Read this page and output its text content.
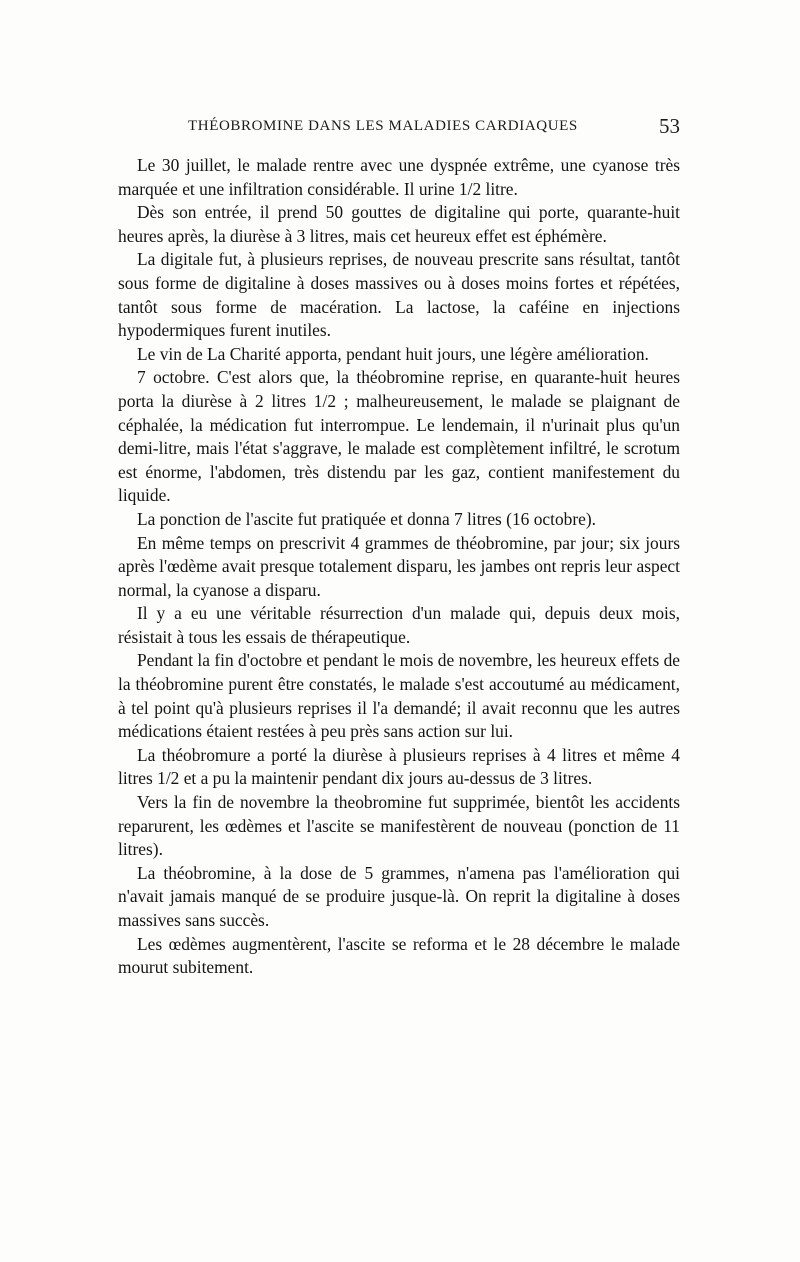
THÉOBROMINE DANS LES MALADIES CARDIAQUES	53

Le 30 juillet, le malade rentre avec une dyspnée extrême, une cyanose très marquée et une infiltration considérable. Il urine 1/2 litre.

Dès son entrée, il prend 50 gouttes de digitaline qui porte, quarante-huit heures après, la diurèse à 3 litres, mais cet heureux effet est éphémère.

La digitale fut, à plusieurs reprises, de nouveau prescrite sans résultat, tantôt sous forme de digitaline à doses massives ou à doses moins fortes et répétées, tantôt sous forme de macération. La lactose, la caféine en injections hypodermiques furent inutiles.

Le vin de La Charité apporta, pendant huit jours, une légère amélioration.

7 octobre. C'est alors que, la théobromine reprise, en quarante-huit heures porta la diurèse à 2 litres 1/2 ; malheureusement, le malade se plaignant de céphalée, la médication fut interrompue. Le lendemain, il n'urinait plus qu'un demi-litre, mais l'état s'aggrave, le malade est complètement infiltré, le scrotum est énorme, l'abdomen, très distendu par les gaz, contient manifestement du liquide.

La ponction de l'ascite fut pratiquée et donna 7 litres (16 octobre).

En même temps on prescrivit 4 grammes de théobromine, par jour; six jours après l'œdème avait presque totalement disparu, les jambes ont repris leur aspect normal, la cyanose a disparu.

Il y a eu une véritable résurrection d'un malade qui, depuis deux mois, résistait à tous les essais de thérapeutique.

Pendant la fin d'octobre et pendant le mois de novembre, les heureux effets de la théobromine purent être constatés, le malade s'est accoutumé au médicament, à tel point qu'à plusieurs reprises il l'a demandé; il avait reconnu que les autres médications étaient restées à peu près sans action sur lui.

La théobromure a porté la diurèse à plusieurs reprises à 4 litres et même 4 litres 1/2 et a pu la maintenir pendant dix jours au-dessus de 3 litres.

Vers la fin de novembre la theobromine fut supprimée, bientôt les accidents reparurent, les œdèmes et l'ascite se manifestèrent de nouveau (ponction de 11 litres).

La théobromine, à la dose de 5 grammes, n'amena pas l'amélioration qui n'avait jamais manqué de se produire jusque-là. On reprit la digitaline à doses massives sans succès.

Les œdèmes augmentèrent, l'ascite se reforma et le 28 décembre le malade mourut subitement.
